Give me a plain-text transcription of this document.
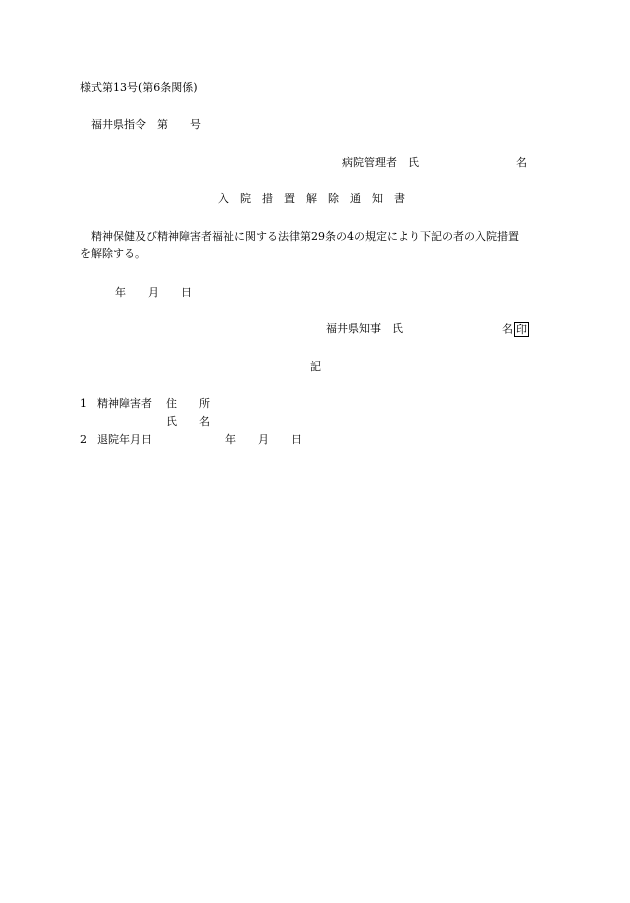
様式第13号(第6条関係)

福井県指令　第　　号

病院管理者　氏	名

入　院　措　置　解　除　通　知　書

精神保健及び精神障害者福祉に関する法律第29条の4の規定により下記の者の入院措置

を解除する。

年　　月　　日

福井県知事　氏	名 印

記

1 精神障害者 住　　所

氏　　名

2 退院年月日	年　　月　　日
